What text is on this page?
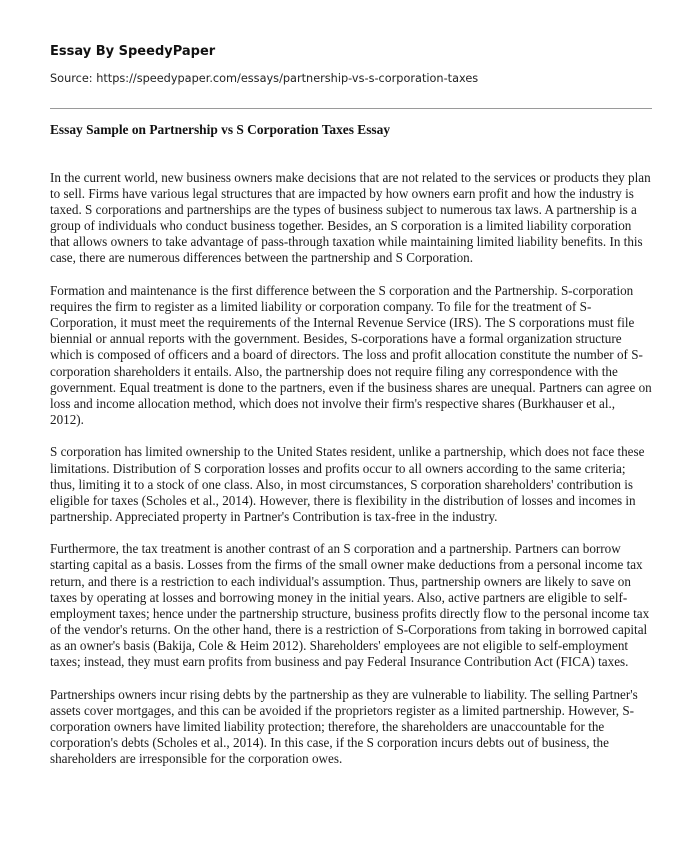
Essay By SpeedyPaper
Source: https://speedypaper.com/essays/partnership-vs-s-corporation-taxes
Essay Sample on Partnership vs S Corporation Taxes Essay

In the current world, new business owners make decisions that are not related to the services or products they plan to sell. Firms have various legal structures that are impacted by how owners earn profit and how the industry is taxed. S corporations and partnerships are the types of business subject to numerous tax laws. A partnership is a group of individuals who conduct business together. Besides, an S corporation is a limited liability corporation that allows owners to take advantage of pass-through taxation while maintaining limited liability benefits. In this case, there are numerous differences between the partnership and S Corporation.

Formation and maintenance is the first difference between the S corporation and the Partnership. S-corporation requires the firm to register as a limited liability or corporation company. To file for the treatment of S-Corporation, it must meet the requirements of the Internal Revenue Service (IRS). The S corporations must file biennial or annual reports with the government. Besides, S-corporations have a formal organization structure which is composed of officers and a board of directors. The loss and profit allocation constitute the number of S-corporation shareholders it entails. Also, the partnership does not require filing any correspondence with the government. Equal treatment is done to the partners, even if the business shares are unequal. Partners can agree on loss and income allocation method, which does not involve their firm's respective shares (Burkhauser et al., 2012).

S corporation has limited ownership to the United States resident, unlike a partnership, which does not face these limitations. Distribution of S corporation losses and profits occur to all owners according to the same criteria; thus, limiting it to a stock of one class. Also, in most circumstances, S corporation shareholders' contribution is eligible for taxes (Scholes et al., 2014). However, there is flexibility in the distribution of losses and incomes in partnership. Appreciated property in Partner's Contribution is tax-free in the industry.

Furthermore, the tax treatment is another contrast of an S corporation and a partnership. Partners can borrow starting capital as a basis. Losses from the firms of the small owner make deductions from a personal income tax return, and there is a restriction to each individual's assumption. Thus, partnership owners are likely to save on taxes by operating at losses and borrowing money in the initial years. Also, active partners are eligible to self-employment taxes; hence under the partnership structure, business profits directly flow to the personal income tax of the vendor's returns. On the other hand, there is a restriction of S-Corporations from taking in borrowed capital as an owner's basis (Bakija, Cole & Heim 2012). Shareholders' employees are not eligible to self-employment taxes; instead, they must earn profits from business and pay Federal Insurance Contribution Act (FICA) taxes.

Partnerships owners incur rising debts by the partnership as they are vulnerable to liability. The selling Partner's assets cover mortgages, and this can be avoided if the proprietors register as a limited partnership. However, S-corporation owners have limited liability protection; therefore, the shareholders are unaccountable for the corporation's debts (Scholes et al., 2014). In this case, if the S corporation incurs debts out of business, the shareholders are irresponsible for the corporation owes.
